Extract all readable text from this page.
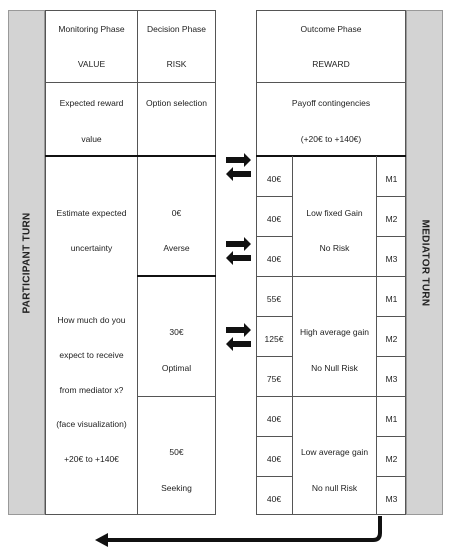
PARTICIPANT TURN	MEDIATOR TURN
Monitoring Phase
VALUE
Decision Phase
RISK
Outcome Phase
REWARD
Expected reward
value
Option selection	Payoff contingencies
(+20€ to +140€)
Estimate expected
uncertainty
How much do you
expect to receive
from mediator x?
(face visualization)
+20€ to +140€
0€
Averse
30€
Optimal
50€
Seeking
40€
40€
40€
55€
125€
75€
40€
40€
40€
Low fixed Gain
No Risk
High average gain
No Null Risk
Low average gain
No null Risk
M1
M2
M3
M1
M2
M3
M1
M2
M3
